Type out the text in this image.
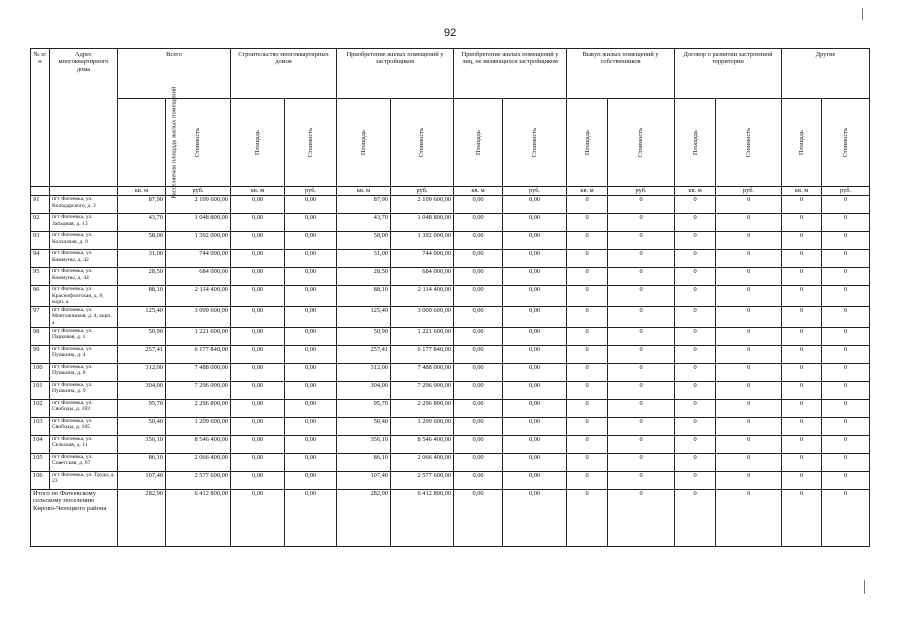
92
№ п/п	Адрес многоквартирного дома	Всего		Строительство многоквартирных домов		Приобретение жилых помещений у застройщиков		Приобретение жилых помещений у лиц, не являющихся застройщиком		Выкуп жилых помещений у собственников		Договор о развитии застроенной территории		Другие	
		Расселяемая площадь жилых помещений	Стоимость	Площадь	Стоимость	Площадь	Стоимость	Площадь	Стоимость	Площадь	Стоимость	Площадь	Стоимость	Площадь	Стоимость
		кв. м	руб.	кв. м	руб.	кв. м	руб.	кв. м	руб.	кв. м	руб.	кв. м	руб.	кв. м	руб.
91	пгт Фатеевка, ул. Володарского, д. 2	87,90	2 109 600,00	0,00	0,00	87,90	2 109 600,00	0,00	0,00	0	0	0	0	0	0
92	пгт Фатеевка, ул. Западная, д. 13	43,70	1 048 800,00	0,00	0,00	43,70	1 048 800,00	0,00	0,00	0	0	0	0	0	0
93	пгт Фатеевка, ул. Колхозная, д. 9	58,00	1 392 000,00	0,00	0,00	58,00	1 392 000,00	0,00	0,00	0	0	0	0	0	0
94	пгт Фатеевка, ул. Коммуны, д. 42	31,00	744 000,00	0,00	0,00	31,00	744 000,00	0,00	0,00	0	0	0	0	0	0
95	пгт Фатеевка, ул. Коммуны, д. 44	28,50	684 000,00	0,00	0,00	28,50	684 000,00	0,00	0,00	0	0	0	0	0	0
96	пгт Фатеевка, ул. Краснофлотская, д. 8, корп. а	88,10	2 114 400,00	0,00	0,00	88,10	2 114 400,00	0,00	0,00	0	0	0	0	0	0
97	пгт Фатеевка, ул. Монтажников, д. 4, корп. а	125,40	3 009 600,00	0,00	0,00	125,40	3 009 600,00	0,00	0,00	0	0	0	0	0	0
98	пгт Фатеевка, ул. Парковая, д. 1	50,90	1 221 600,00	0,00	0,00	50,90	1 221 600,00	0,00	0,00	0	0	0	0	0	0
99	пгт Фатеевка, ул. Пушкина, д. 4	257,41	6 177 840,00	0,00	0,00	257,41	6 177 840,00	0,00	0,00	0	0	0	0	0	0
100	пгт Фатеевка, ул. Пушкина, д. 8	312,00	7 488 000,00	0,00	0,00	312,00	7 488 000,00	0,00	0,00	0	0	0	0	0	0
101	пгт Фатеевка, ул. Пушкина, д. 9	304,00	7 296 000,00	0,00	0,00	304,00	7 296 000,00	0,00	0,00	0	0	0	0	0	0
102	пгт Фатеевка, ул. Свободы, д. 103	95,70	2 296 800,00	0,00	0,00	95,70	2 296 800,00	0,00	0,00	0	0	0	0	0	0
103	пгт Фатеевка, ул. Свободы, д. 105	50,40	1 209 600,00	0,00	0,00	50,40	1 209 600,00	0,00	0,00	0	0	0	0	0	0
104	пгт Фатеевка, ул. Сельская, д. 11	356,10	8 546 400,00	0,00	0,00	356,10	8 546 400,00	0,00	0,00	0	0	0	0	0	0
105	пгт Фатеевка, ул. Советская, д. 67	86,10	2 066 400,00	0,00	0,00	86,10	2 066 400,00	0,00	0,00	0	0	0	0	0	0
106	пгт Фатеевка, ул. Труда, д. 23	107,40	2 577 600,00	0,00	0,00	107,40	2 577 600,00	0,00	0,00	0	0	0	0	0	0
Итого по Фатеевскому сельскому поселению Кирово-Чепецкого района		282,90	6 412 800,00	0,00	0,00	282,90	6 412 800,00	0,00	0,00	0	0	0	0	0	0
